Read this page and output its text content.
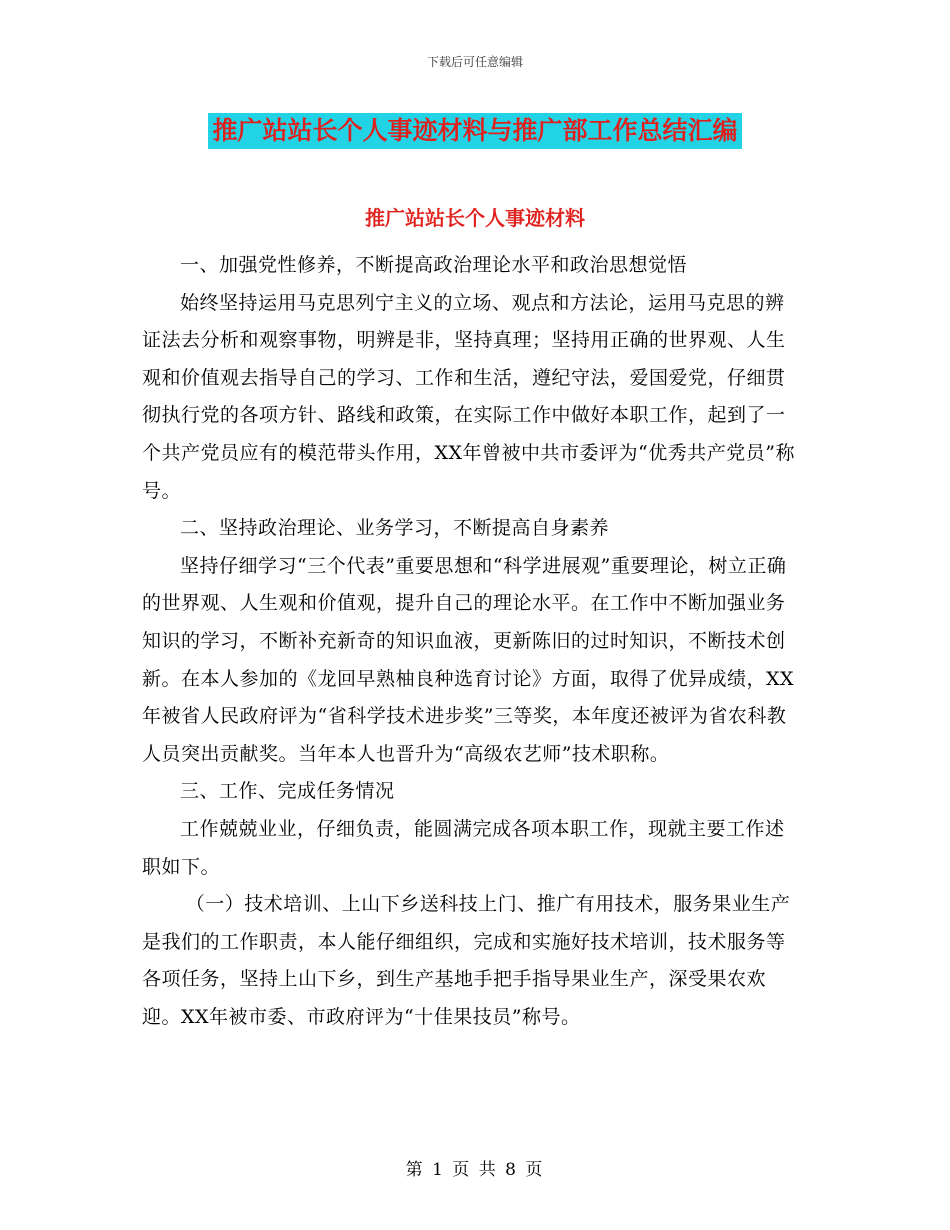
下载后可任意编辑
推广站站长个人事迹材料与推广部工作总结汇编
推广站站长个人事迹材料

一、加强党性修养，不断提高政治理论水平和政治思想觉悟

始终坚持运用马克思列宁主义的立场、观点和方法论，运用马克思的辨证法去分析和观察事物，明辨是非，坚持真理；坚持用正确的世界观、人生观和价值观去指导自己的学习、工作和生活，遵纪守法，爱国爱党，仔细贯彻执行党的各项方针、路线和政策，在实际工作中做好本职工作，起到了一个共产党员应有的模范带头作用，XX年曾被中共市委评为“优秀共产党员”称号。

二、坚持政治理论、业务学习，不断提高自身素养

坚持仔细学习“三个代表”重要思想和“科学进展观”重要理论，树立正确的世界观、人生观和价值观，提升自己的理论水平。在工作中不断加强业务知识的学习，不断补充新奇的知识血液，更新陈旧的过时知识，不断技术创新。在本人参加的《龙回早熟柚良种选育讨论》方面，取得了优异成绩，XX年被省人民政府评为“省科学技术进步奖”三等奖，本年度还被评为省农科教人员突出贡献奖。当年本人也晋升为“高级农艺师”技术职称。

三、工作、完成任务情况

工作兢兢业业，仔细负责，能圆满完成各项本职工作，现就主要工作述职如下。

（一）技术培训、上山下乡送科技上门、推广有用技术，服务果业生产是我们的工作职责，本人能仔细组织，完成和实施好技术培训，技术服务等各项任务，坚持上山下乡，到生产基地手把手指导果业生产，深受果农欢迎。XX年被市委、市政府评为“十佳果技员”称号。

第 1 页 共 8 页
